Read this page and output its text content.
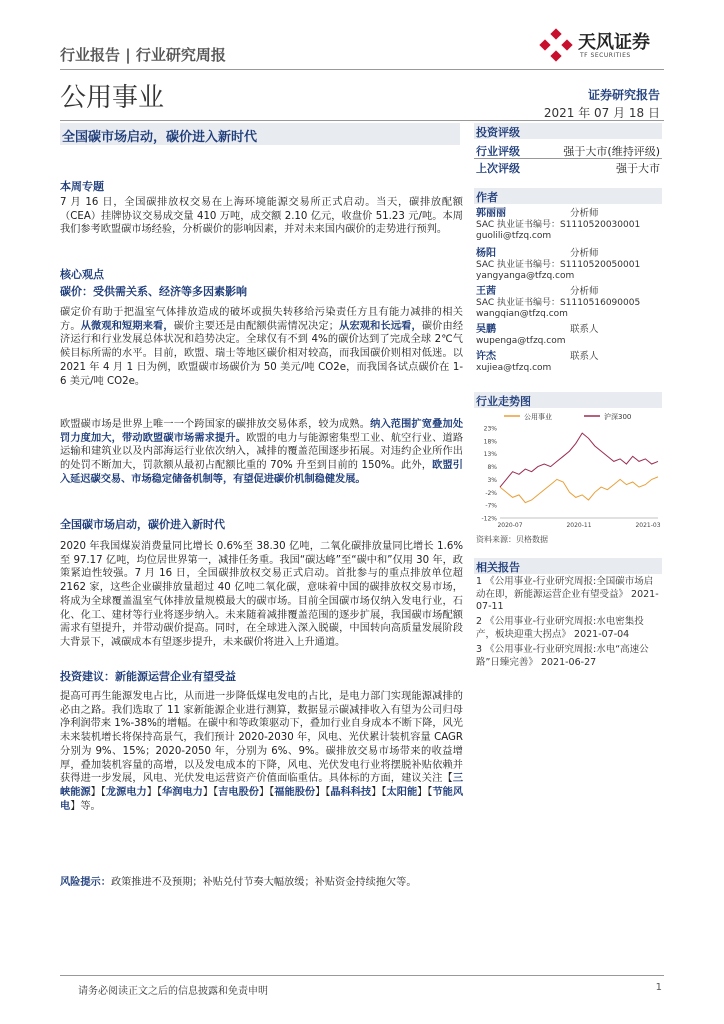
行业报告 | 行业研究周报
天风证券
TF SECURITIES
公用事业	证券研究报告
2021 年 07 月 18 日
全国碳市场启动，碳价进入新时代	投资评级
行业评级	强于大市(维持评级)
上次评级	强于大市
作者
郭丽丽	分析师
SAC 执业证书编号：S1110520030001
guolili@tfzq.com
杨阳	分析师
SAC 执业证书编号：S1110520050001
yangyanga@tfzq.com
王茜	分析师
SAC 执业证书编号：S1110516090005
wangqian@tfzq.com
吴鹏	联系人
wupenga@tfzq.com
许杰	联系人
xujiea@tfzq.com
行业走势图
公用事业	沪深300
23%
18%
13%
8%
3%
-2%
-7%
-12%
2020-07	2020-11	2021-03
资料来源：贝格数据
相关报告
1 《公用事业-行业研究周报:全国碳市场启动在即，新能源运营企业有望受益》 2021-07-11
2 《公用事业-行业研究周报:水电密集投产，板块迎重大拐点》 2021-07-04
3 《公用事业-行业研究周报:水电“高速公路”日臻完善》 2021-06-27
本周专题
7 月 16 日，全国碳排放权交易在上海环境能源交易所正式启动。当天，碳排放配额（CEA）挂牌协议交易成交量 410 万吨，成交额 2.10 亿元，收盘价 51.23 元/吨。本周我们参考欧盟碳市场经验，分析碳价的影响因素，并对未来国内碳价的走势进行预判。
核心观点
碳价：受供需关系、经济等多因素影响
碳定价有助于把温室气体排放造成的破坏或损失转移给污染责任方且有能力减排的相关方。从微观和短期来看，碳价主要还是由配额供需情况决定；从宏观和长远看，碳价由经济运行和行业发展总体状况和趋势决定。全球仅有不到 4%的碳价达到了完成全球 2℃气候目标所需的水平。目前，欧盟、瑞士等地区碳价相对较高，而我国碳价则相对低迷。以 2021 年 4 月 1 日为例，欧盟碳市场碳价为 50 美元/吨 CO2e，而我国各试点碳价在 1-6 美元/吨 CO2e。
欧盟碳市场是世界上唯一一个跨国家的碳排放交易体系，较为成熟。纳入范围扩宽叠加处罚力度加大，带动欧盟碳市场需求提升。欧盟的电力与能源密集型工业、航空行业、道路运输和建筑业以及内部海运行业依次纳入，减排的覆盖范围逐步拓展。对违约企业所作出的处罚不断加大，罚款额从最初占配额比重的 70% 升至到目前的 150%。此外，欧盟引入延迟碳交易、市场稳定储备机制等，有望促进碳价机制稳健发展。
全国碳市场启动，碳价进入新时代
2020 年我国煤炭消费量同比增长 0.6%至 38.30 亿吨，二氧化碳排放量同比增长 1.6%至 97.17 亿吨，均位居世界第一，减排任务重。我国“碳达峰”至“碳中和”仅用 30 年，政策紧迫性较强。7 月 16 日，全国碳排放权交易正式启动。首批参与的重点排放单位超 2162 家，这些企业碳排放量超过 40 亿吨二氧化碳，意味着中国的碳排放权交易市场，将成为全球覆盖温室气体排放量规模最大的碳市场。目前全国碳市场仅纳入发电行业，石化、化工、建材等行业将逐步纳入。未来随着减排覆盖范围的逐步扩展，我国碳市场配额需求有望提升，并带动碳价提高。同时，在全球进入深入脱碳，中国转向高质量发展阶段大背景下，减碳成本有望逐步提升，未来碳价将进入上升通道。
投资建议：新能源运营企业有望受益
提高可再生能源发电占比，从而进一步降低煤电发电的占比，是电力部门实现能源减排的必由之路。我们选取了 11 家新能源企业进行测算，数据显示碳减排收入有望为公司归母净利润带来 1%-38%的增幅。在碳中和等政策驱动下，叠加行业自身成本不断下降，风光未来装机增长将保持高景气，我们预计 2020-2030 年，风电、光伏累计装机容量 CAGR 分别为 9%、15%；2020-2050 年，分别为 6%、9%。碳排放交易市场带来的收益增厚，叠加装机容量的高增，以及发电成本的下降，风电、光伏发电行业将摆脱补贴依赖并获得进一步发展，风电、光伏发电运营资产价值面临重估。具体标的方面，建议关注【三峡能源】【龙源电力】【华润电力】【吉电股份】【福能股份】【晶科科技】【太阳能】【节能风电】等。
风险提示：政策推进不及预期；补贴兑付节奏大幅放缓；补贴资金持续拖欠等。
请务必阅读正文之后的信息披露和免责申明	1
